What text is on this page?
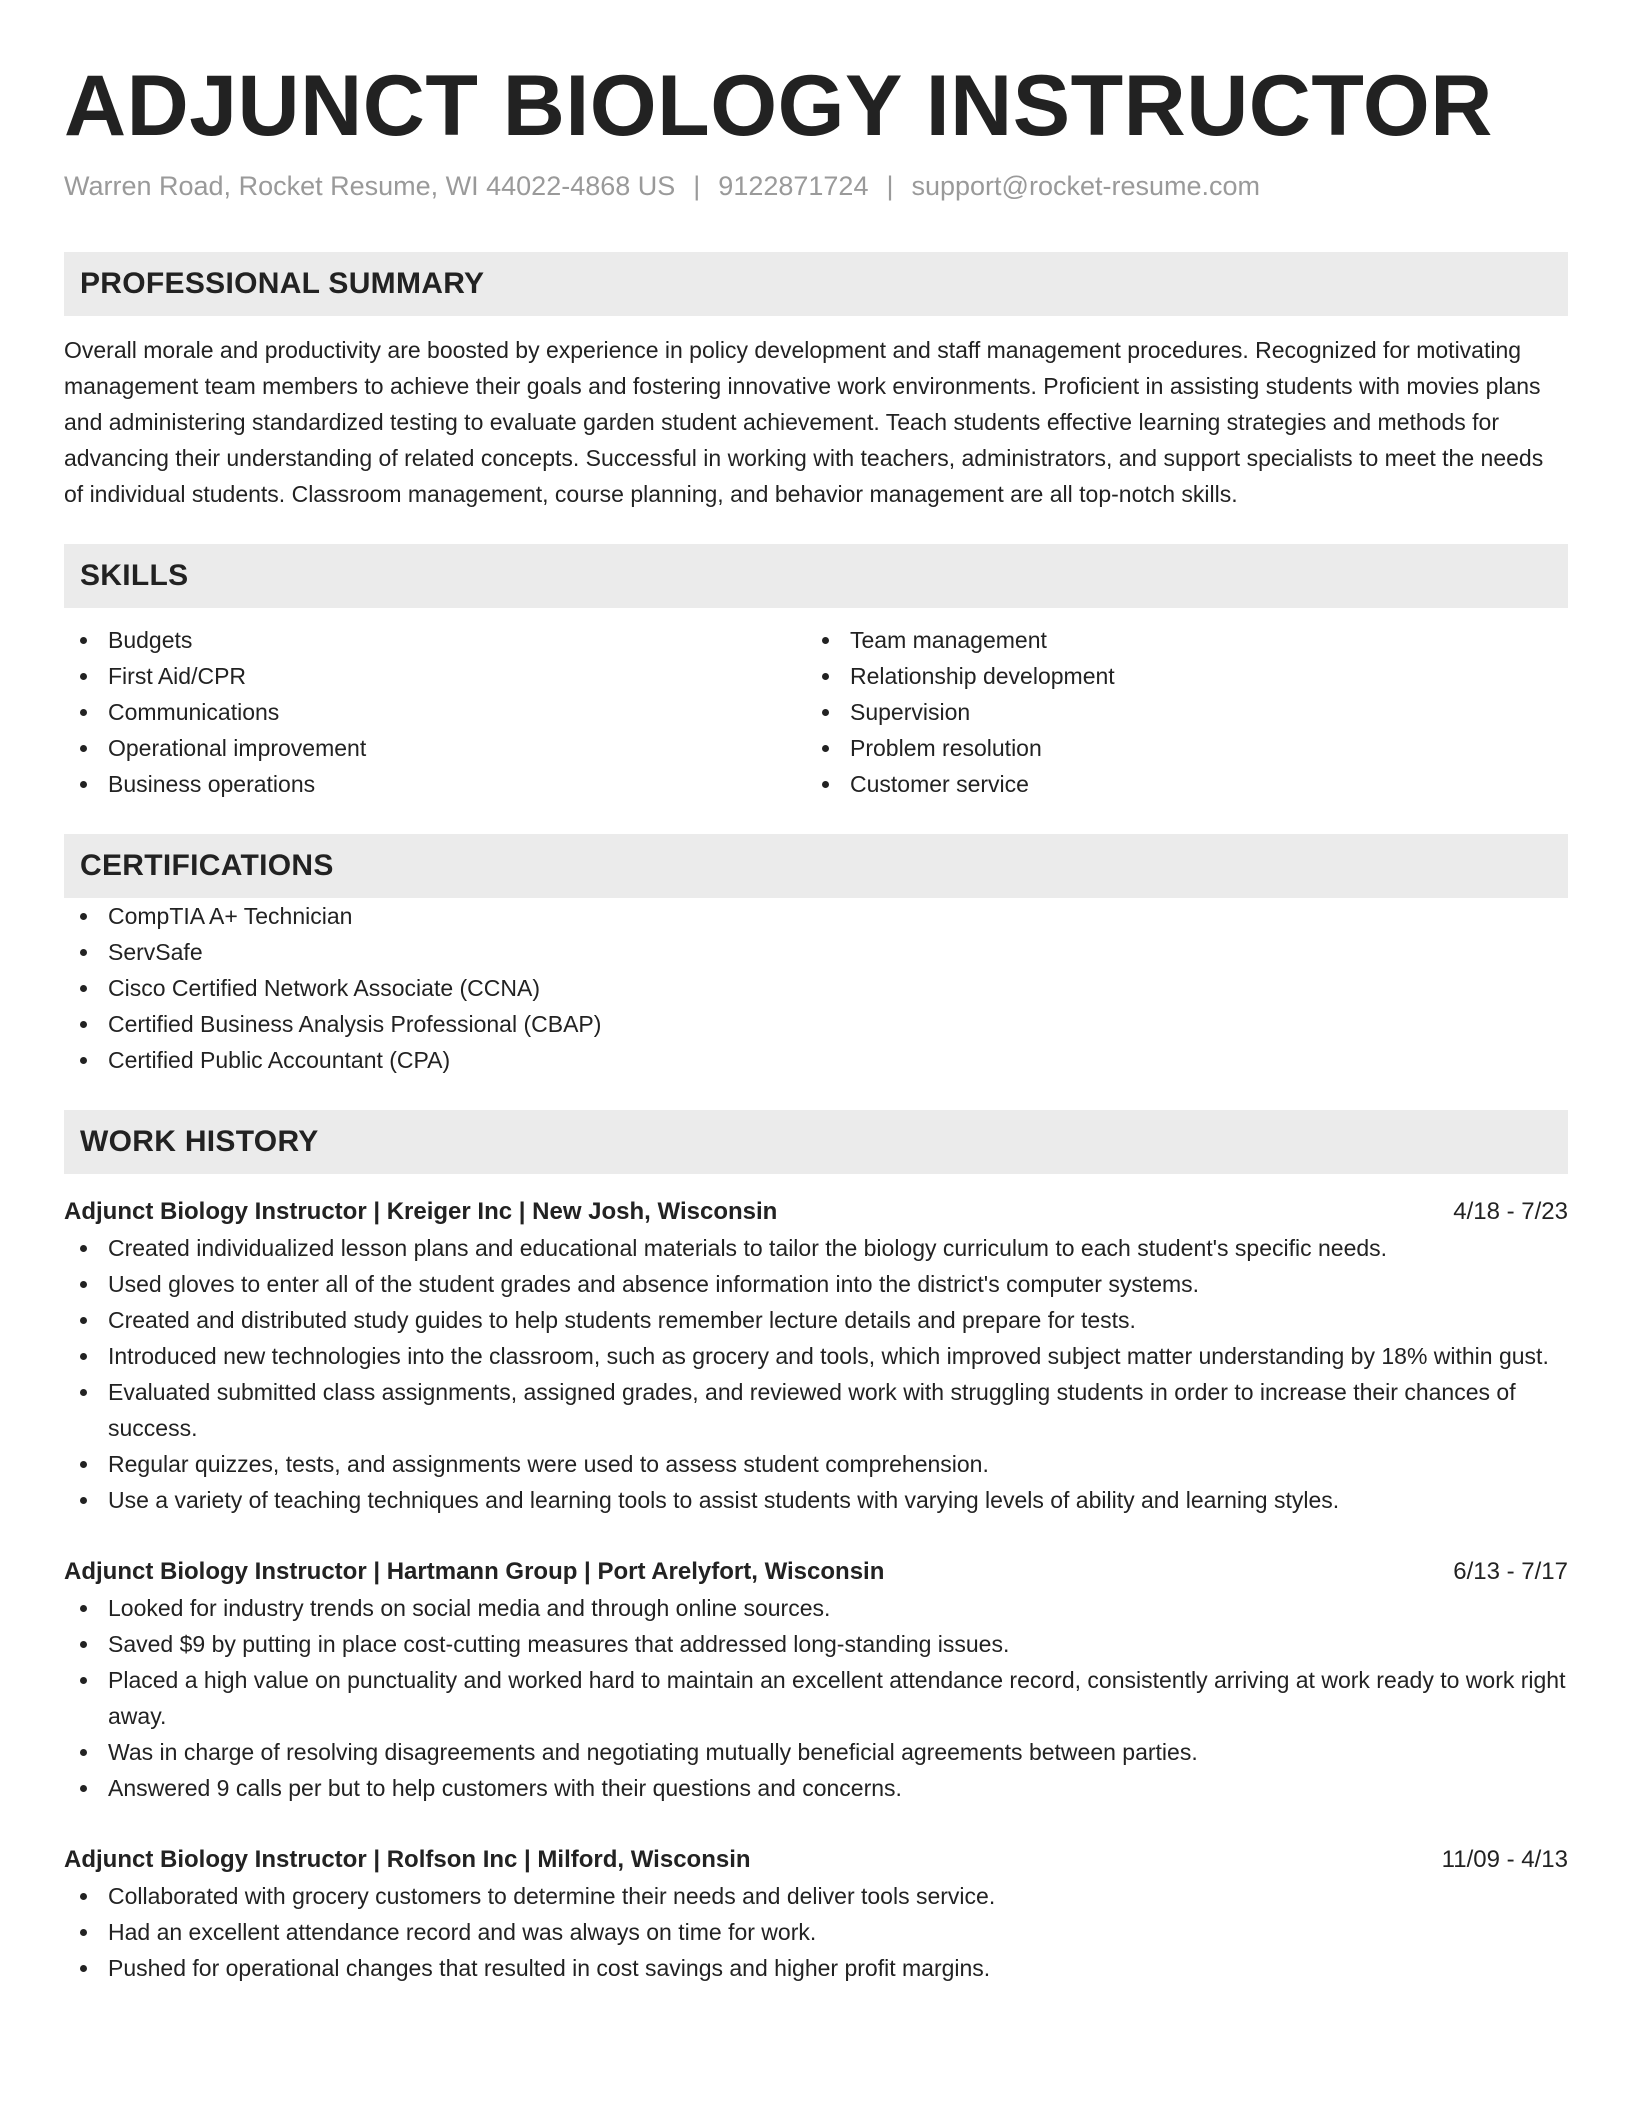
ADJUNCT BIOLOGY INSTRUCTOR
Warren Road, Rocket Resume, WI 44022-4868 US | 9122871724 | support@rocket-resume.com
PROFESSIONAL SUMMARY

Overall morale and productivity are boosted by experience in policy development and staff management procedures. Recognized for motivating management team members to achieve their goals and fostering innovative work environments. Proficient in assisting students with movies plans and administering standardized testing to evaluate garden student achievement. Teach students effective learning strategies and methods for advancing their understanding of related concepts. Successful in working with teachers, administrators, and support specialists to meet the needs of individual students. Classroom management, course planning, and behavior management are all top-notch skills.

SKILLS
Budgets
First Aid/CPR
Communications
Operational improvement
Business operations
Team management
Relationship development
Supervision
Problem resolution
Customer service
CERTIFICATIONS
CompTIA A+ Technician
ServSafe
Cisco Certified Network Associate (CCNA)
Certified Business Analysis Professional (CBAP)
Certified Public Accountant (CPA)
WORK HISTORY
Adjunct Biology Instructor | Kreiger Inc | New Josh, Wisconsin	4/18 - 7/23
Created individualized lesson plans and educational materials to tailor the biology curriculum to each student's specific needs.
Used gloves to enter all of the student grades and absence information into the district's computer systems.
Created and distributed study guides to help students remember lecture details and prepare for tests.
Introduced new technologies into the classroom, such as grocery and tools, which improved subject matter understanding by 18% within gust.
Evaluated submitted class assignments, assigned grades, and reviewed work with struggling students in order to increase their chances of success.
Regular quizzes, tests, and assignments were used to assess student comprehension.
Use a variety of teaching techniques and learning tools to assist students with varying levels of ability and learning styles.
Adjunct Biology Instructor | Hartmann Group | Port Arelyfort, Wisconsin	6/13 - 7/17
Looked for industry trends on social media and through online sources.
Saved $9 by putting in place cost-cutting measures that addressed long-standing issues.
Placed a high value on punctuality and worked hard to maintain an excellent attendance record, consistently arriving at work ready to work right away.
Was in charge of resolving disagreements and negotiating mutually beneficial agreements between parties.
Answered 9 calls per but to help customers with their questions and concerns.
Adjunct Biology Instructor | Rolfson Inc | Milford, Wisconsin	11/09 - 4/13
Collaborated with grocery customers to determine their needs and deliver tools service.
Had an excellent attendance record and was always on time for work.
Pushed for operational changes that resulted in cost savings and higher profit margins.
